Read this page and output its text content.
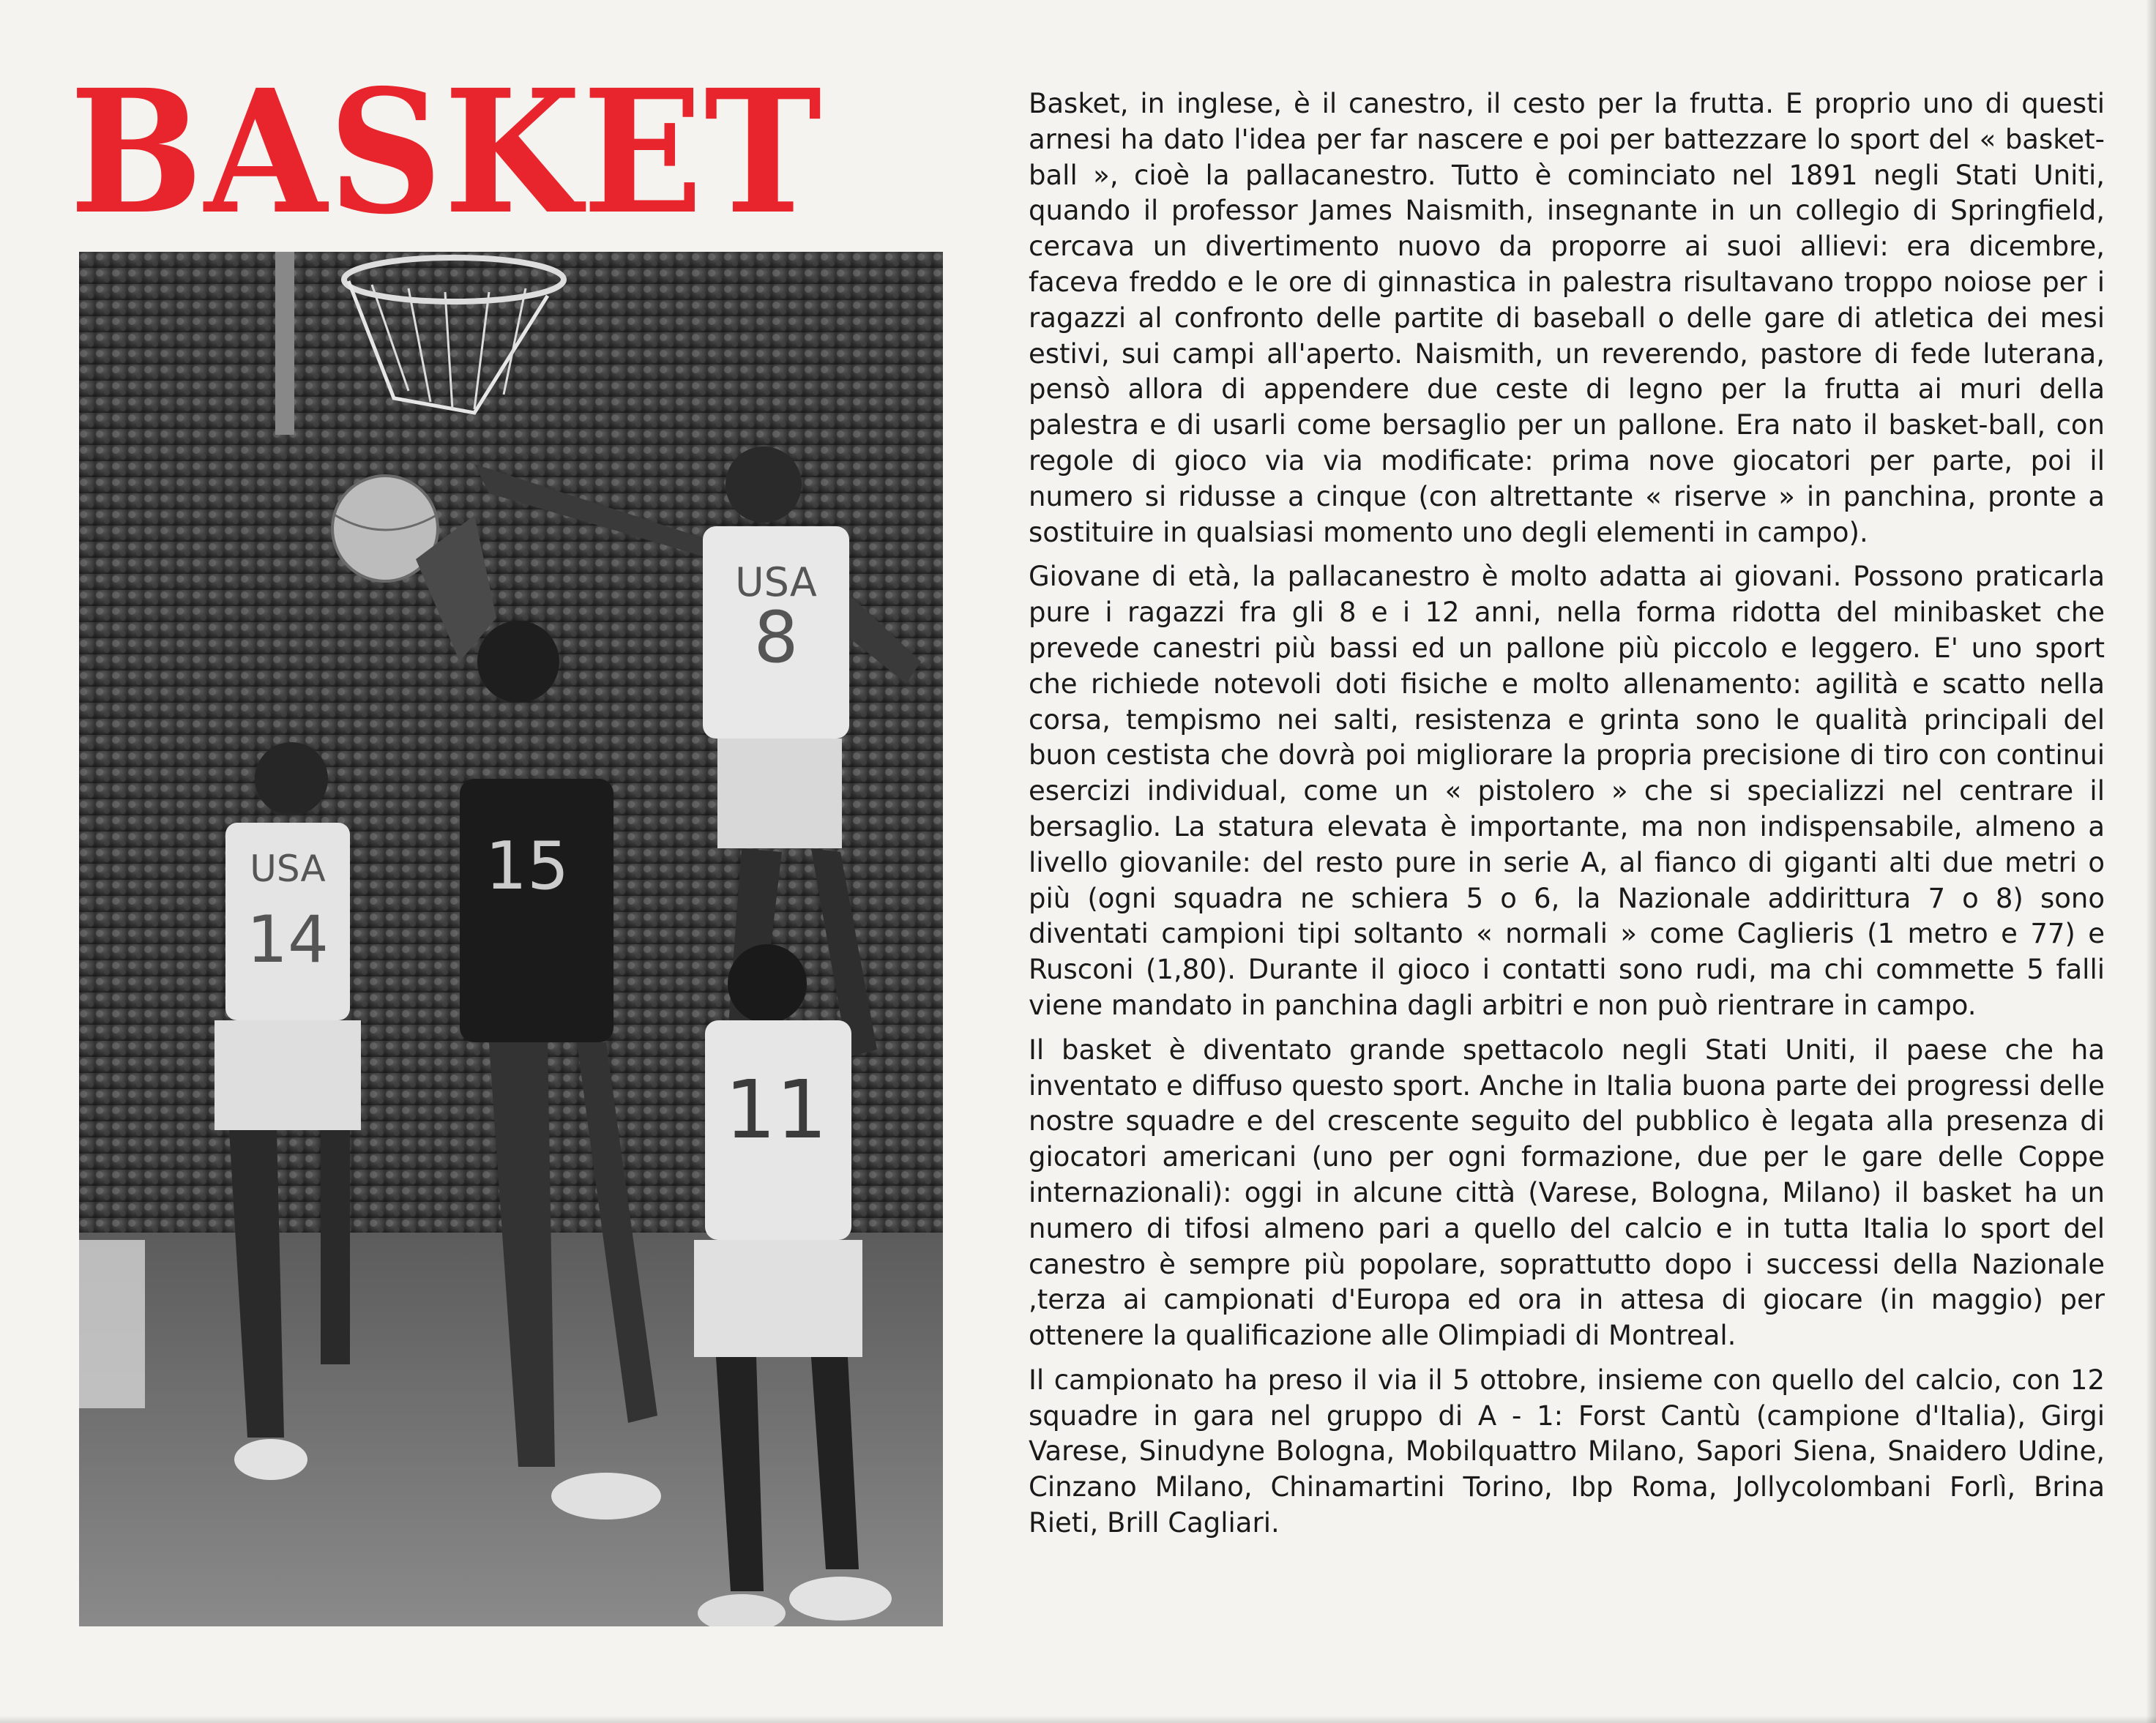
BASKET
8
USA
USA
14
15
11

Basket, in inglese, è il canestro, il cesto per la frutta. E proprio uno di questi arnesi ha dato l'idea per far nascere e poi per battezzare lo sport del « basket-ball », cioè la pallacanestro. Tutto è cominciato nel 1891 negli Stati Uniti, quando il professor James Naismith, insegnante in un collegio di Springfield, cercava un divertimento nuovo da proporre ai suoi allievi: era dicembre, faceva freddo e le ore di ginnastica in palestra risultavano troppo noiose per i ragazzi al confronto delle partite di baseball o delle gare di atletica dei mesi estivi, sui campi all'aperto. Naismith, un reverendo, pastore di fede luterana, pensò allora di appendere due ceste di legno per la frutta ai muri della palestra e di usarli come bersaglio per un pallone. Era nato il basket-ball, con regole di gioco via via modificate: prima nove giocatori per parte, poi il numero si ridusse a cinque (con altrettante « riserve » in panchina, pronte a sostituire in qualsiasi momento uno degli elementi in campo).

Giovane di età, la pallacanestro è molto adatta ai giovani. Possono praticarla pure i ragazzi fra gli 8 e i 12 anni, nella forma ridotta del minibasket che prevede canestri più bassi ed un pallone più piccolo e leggero. E' uno sport che richiede notevoli doti fisiche e molto allenamento: agilità e scatto nella corsa, tempismo nei salti, resistenza e grinta sono le qualità principali del buon cestista che dovrà poi migliorare la propria precisione di tiro con continui esercizi individual, come un « pistolero » che si specializzi nel centrare il bersaglio. La statura elevata è importante, ma non indispensabile, almeno a livello giovanile: del resto pure in serie A, al fianco di giganti alti due metri o più (ogni squadra ne schiera 5 o 6, la Nazionale addirittura 7 o 8) sono diventati campioni tipi soltanto « normali » come Caglieris (1 metro e 77) e Rusconi (1,80). Durante il gioco i contatti sono rudi, ma chi commette 5 falli viene mandato in panchina dagli arbitri e non può rientrare in campo.

Il basket è diventato grande spettacolo negli Stati Uniti, il paese che ha inventato e diffuso questo sport. Anche in Italia buona parte dei progressi delle nostre squadre e del crescente seguito del pubblico è legata alla presenza di giocatori americani (uno per ogni formazione, due per le gare delle Coppe internazionali): oggi in alcune città (Varese, Bologna, Milano) il basket ha un numero di tifosi almeno pari a quello del calcio e in tutta Italia lo sport del canestro è sempre più popolare, soprattutto dopo i successi della Nazionale ,terza ai campionati d'Europa ed ora in attesa di giocare (in maggio) per ottenere la qualificazione alle Olimpiadi di Montreal.

Il campionato ha preso il via il 5 ottobre, insieme con quello del calcio, con 12 squadre in gara nel gruppo di A - 1: Forst Cantù (campione d'Italia), Girgi Varese, Sinudyne Bologna, Mobilquattro Milano, Sapori Siena, Snaidero Udine, Cinzano Milano, Chinamartini Torino, Ibp Roma, Jollycolombani Forlì, Brina Rieti, Brill Cagliari.
